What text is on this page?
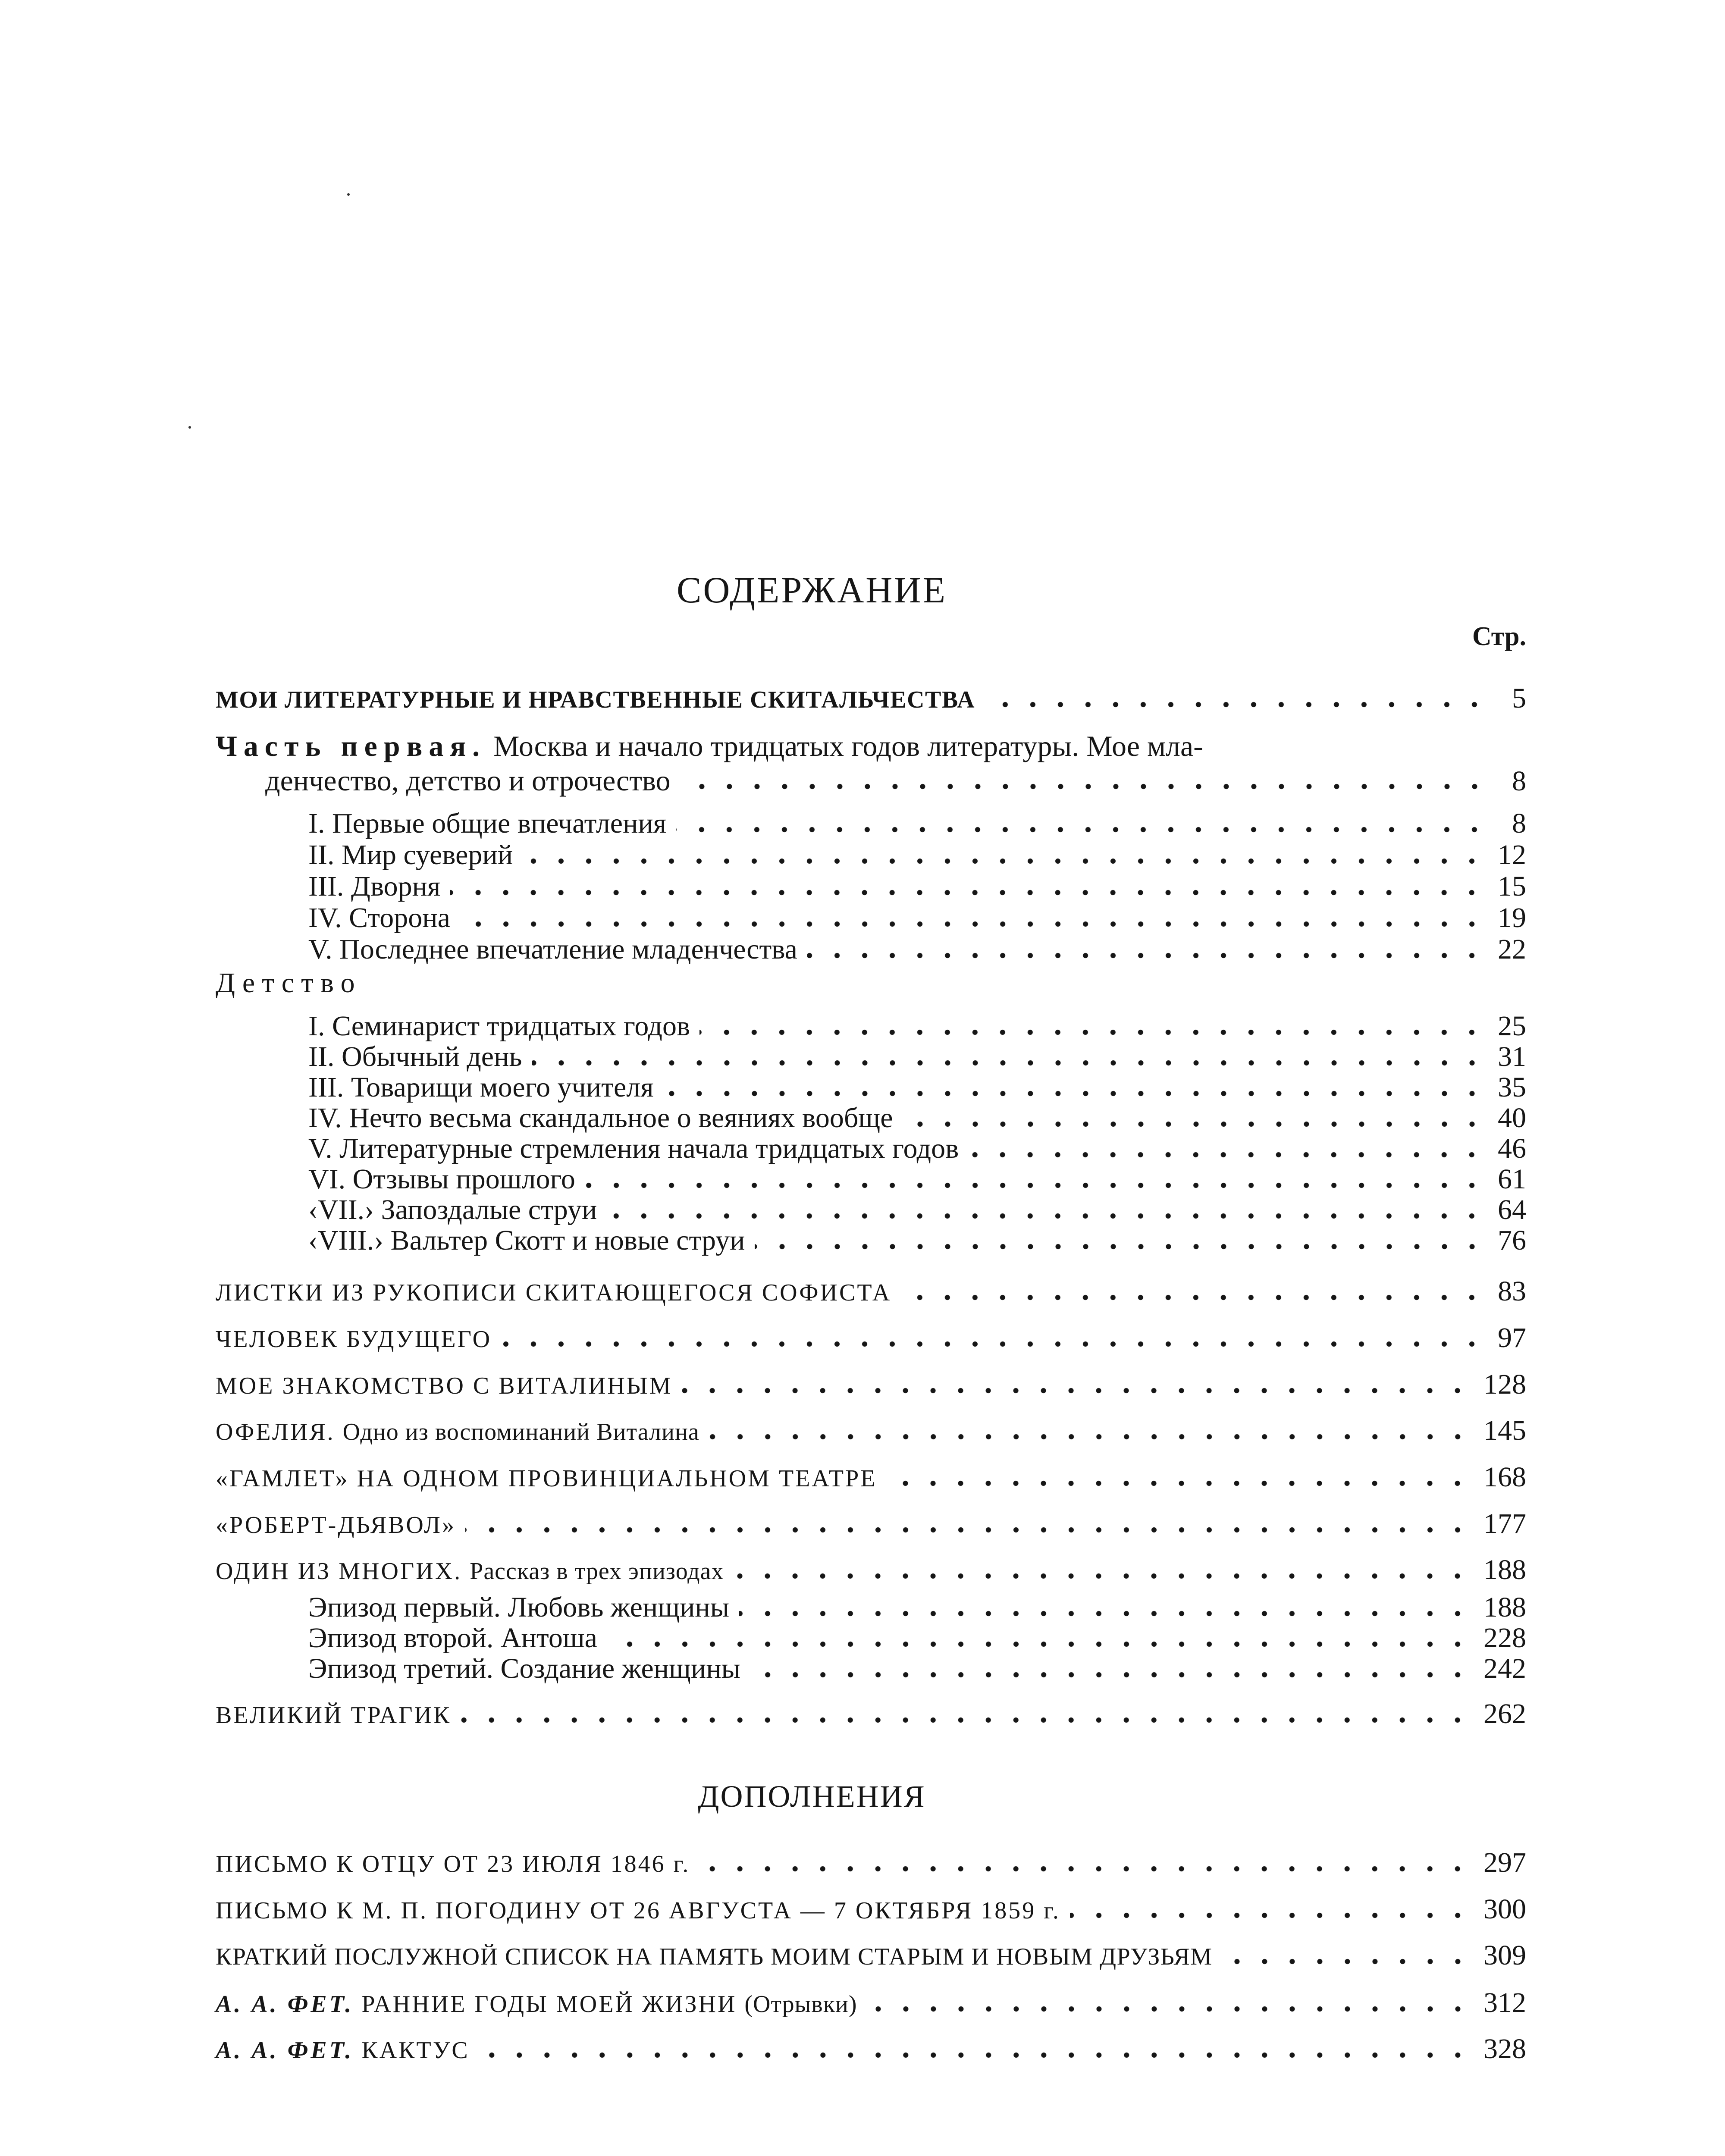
СОДЕРЖАНИЕ
Стр.
МОИ ЛИТЕРАТУРНЫЕ И НРАВСТВЕННЫЕ СКИТАЛЬЧЕСТВА	5
Часть первая. Москва и начало тридцатых годов литературы. Мое мла-
денчество, детство и отрочество	8
I. Первые общие впечатления	8
II. Мир суеверий	12
III. Дворня	15
IV. Сторона	19
V. Последнее впечатление младенчества	22
Детство
I. Семинарист тридцатых годов	25
II. Обычный день	31
III. Товарищи моего учителя	35
IV. Нечто весьма скандальное о веяниях вообще	40
V. Литературные стремления начала тридцатых годов	46
VI. Отзывы прошлого	61
‹VII.› Запоздалые струи	64
‹VIII.› Вальтер Скотт и новые струи	76
ЛИСТКИ ИЗ РУКОПИСИ СКИТАЮЩЕГОСЯ СОФИСТА	83
ЧЕЛОВЕК БУДУЩЕГО	97
МОЕ ЗНАКОМСТВО С ВИТАЛИНЫМ	128
ОФЕЛИЯ. Одно из воспоминаний Виталина	145
«ГАМЛЕТ» НА ОДНОМ ПРОВИНЦИАЛЬНОМ ТЕАТРЕ	168
«РОБЕРТ-ДЬЯВОЛ»	177
ОДИН ИЗ МНОГИХ. Рассказ в трех эпизодах	188
Эпизод первый. Любовь женщины	188
Эпизод второй. Антоша	228
Эпизод третий. Создание женщины	242
ВЕЛИКИЙ ТРАГИК	262
ДОПОЛНЕНИЯ
ПИСЬМО К ОТЦУ ОТ 23 ИЮЛЯ 1846 г.	297
ПИСЬМО К М. П. ПОГОДИНУ ОТ 26 АВГУСТА — 7 ОКТЯБРЯ 1859 г.	300
КРАТКИЙ ПОСЛУЖНОЙ СПИСОК НА ПАМЯТЬ МОИМ СТАРЫМ И НОВЫМ ДРУЗЬЯМ	309
А. А. ФЕТ. РАННИЕ ГОДЫ МОЕЙ ЖИЗНИ (Отрывки)	312
А. А. ФЕТ. КАКТУС	328
